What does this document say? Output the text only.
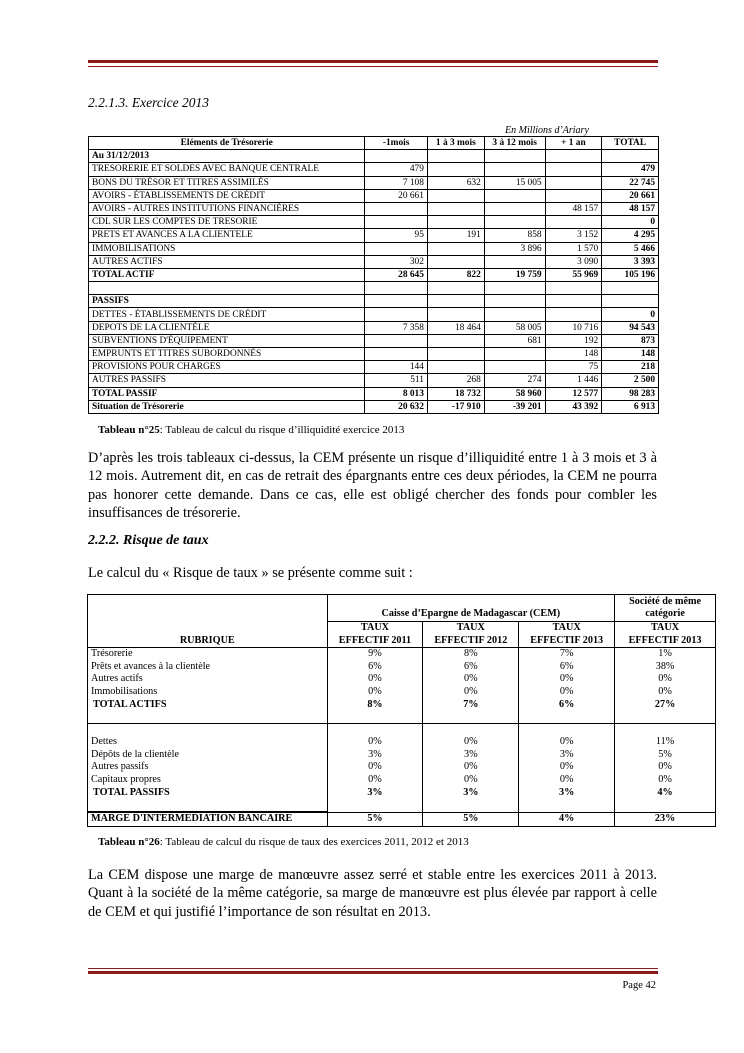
2.2.1.3. Exercice 2013
En Millions d’Ariary
Eléments de Trésorerie	-1mois	1 à 3 mois	3 à 12 mois	+ 1 an	TOTAL
Au 31/12/2013					
TRESORERIE ET SOLDES AVEC BANQUE CENTRALE	479				479
BONS DU TRÉSOR ET TITRES ASSIMILÉS	7 108	632	15 005		22 745
AVOIRS - ÉTABLISSEMENTS DE CRÉDIT	20 661				20 661
AVOIRS - AUTRES INSTITUTIONS FINANCIÈRES				48 157	48 157
CDL SUR LES COMPTES DE TRESORIE					0
PRETS ET AVANCES A LA CLIENTELE	95	191	858	3 152	4 295
IMMOBILISATIONS			3 896	1 570	5 466
AUTRES ACTIFS	302			3 090	3 393
TOTAL ACTIF	28 645	822	19 759	55 969	105 196

PASSIFS					
DETTES - ÉTABLISSEMENTS DE CRÉDIT					0
DEPOTS DE LA CLIENTÈLE	7 358	18 464	58 005	10 716	94 543
SUBVENTIONS D'ÉQUIPEMENT			681	192	873
EMPRUNTS ET TITRES SUBORDONNÉS				148	148
PROVISIONS POUR CHARGES	144			75	218
AUTRES PASSIFS	511	268	274	1 446	2 500
TOTAL PASSIF	8 013	18 732	58 960	12 577	98 283
Situation de Trésorerie	20 632	-17 910	-39 201	43 392	6 913
Tableau n°25: Tableau de calcul du risque d’illiquidité exercice 2013
D’après les trois tableaux ci-dessus, la CEM présente un risque d’illiquidité entre 1 à 3 mois et 3 à 12 mois. Autrement dit, en cas de retrait des épargnants entre ces deux périodes, la CEM ne pourra pas honorer cette demande. Dans ce cas, elle est obligé chercher des fonds pour combler les insuffisances de trésorerie.
2.2.2. Risque de taux
Le calcul du « Risque de taux » se présente comme suit :
RUBRIQUE	Caisse d’Epargne de Madagascar (CEM)			Société de même catégorie
	TAUX	TAUX	TAUX	TAUX
	EFFECTIF 2011	EFFECTIF 2012	EFFECTIF 2013	EFFECTIF 2013
Trésorerie	9%	8%	7%	1%
Prêts et avances à la clientèle	6%	6%	6%	38%
Autres actifs	0%	0%	0%	0%
Immobilisations	0%	0%	0%	0%
TOTAL ACTIFS	8%	7%	6%	27%

Dettes	0%	0%	0%	11%
Dépôts de la clientèle	3%	3%	3%	5%
Autres passifs	0%	0%	0%	0%
Capitaux propres	0%	0%	0%	0%
TOTAL PASSIFS	3%	3%	3%	4%

MARGE D'INTERMEDIATION BANCAIRE	5%	5%	4%	23%
Tableau n°26: Tableau de calcul du risque de taux des exercices 2011, 2012 et 2013
La CEM dispose une marge de manœuvre assez serré et stable entre les exercices 2011 à 2013. Quant à la société de la même catégorie, sa marge de manœuvre est plus élevée par rapport à celle de CEM et qui justifié l’importance de son résultat en 2013.
Page 42
